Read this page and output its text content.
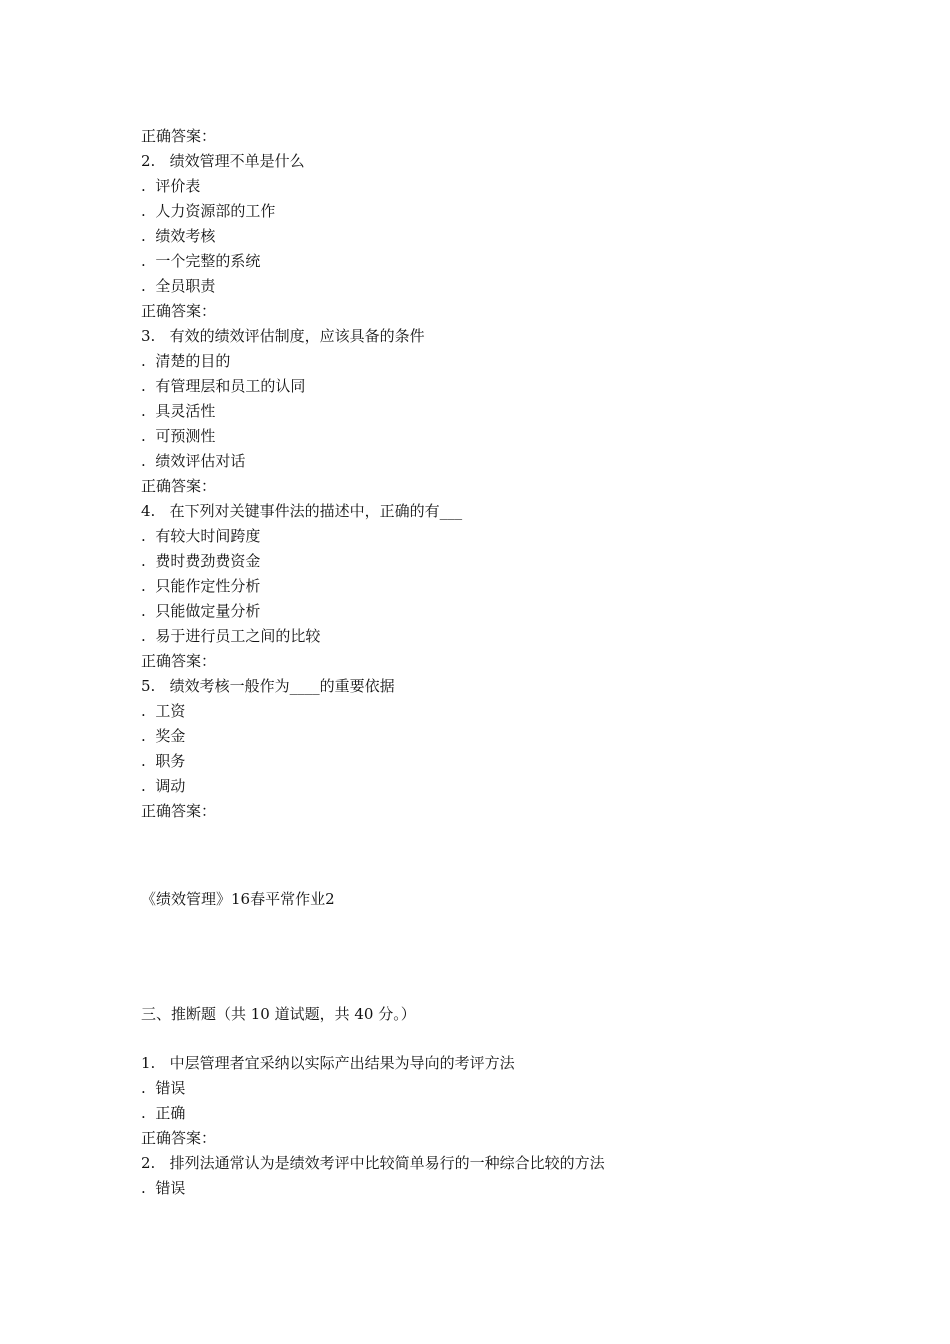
正确答案：
2.   绩效管理不单是什么
.  评价表
.  人力资源部的工作
.  绩效考核
.  一个完整的系统
.  全员职责
正确答案：
3.   有效的绩效评估制度，应该具备的条件
.  清楚的目的
.  有管理层和员工的认同
.  具灵活性
.  可预测性
.  绩效评估对话
正确答案：
4.   在下列对关键事件法的描述中，正确的有___
.  有较大时间跨度
.  费时费劲费资金
.  只能作定性分析
.  只能做定量分析
.  易于进行员工之间的比较
正确答案：
5.   绩效考核一般作为____的重要依据
.  工资
.  奖金
.  职务
.  调动
正确答案：
《绩效管理》16春平常作业2
三、推断题（共 10 道试题，共 40 分。）
1.   中层管理者宜采纳以实际产出结果为导向的考评方法
.  错误
.  正确
正确答案：
2.   排列法通常认为是绩效考评中比较简单易行的一种综合比较的方法
.  错误
